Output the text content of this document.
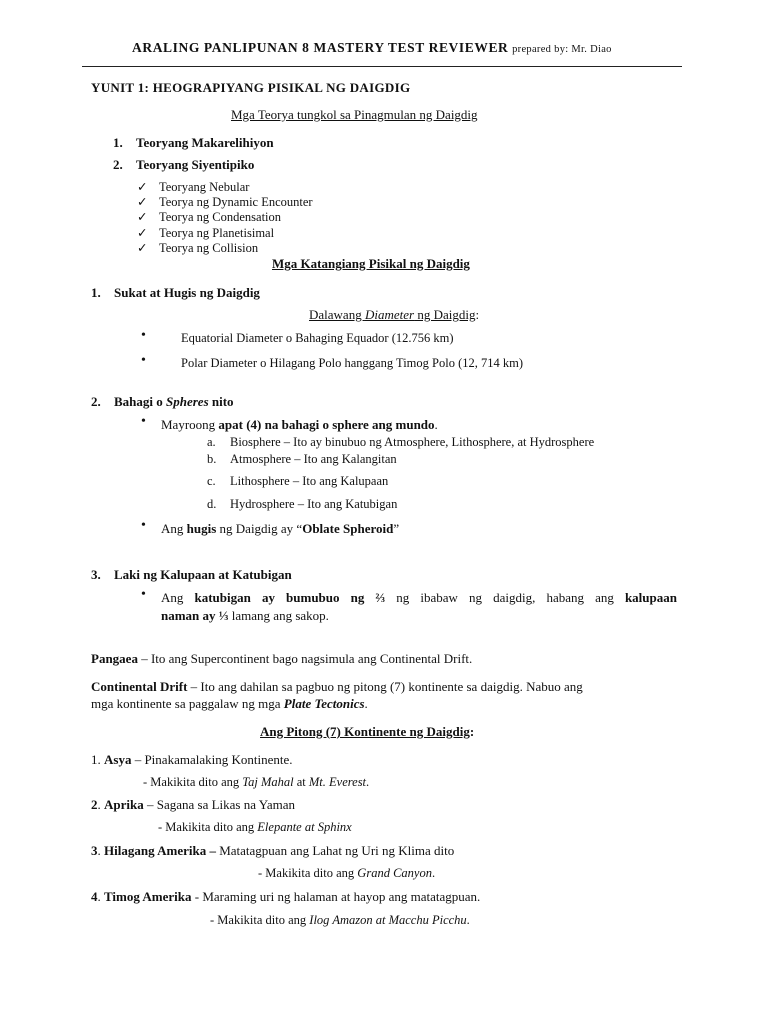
ARALING PANLIPUNAN 8 MASTERY TEST REVIEWER prepared by: Mr. Diao
YUNIT 1: HEOGRAPIYANG PISIKAL NG DAIGDIG
Mga Teorya tungkol sa Pinagmulan ng Daigdig
1. Teoryang Makarelihiyon
2. Teoryang Siyentipiko
✓ Teoryang Nebular
✓ Teorya ng Dynamic Encounter
✓ Teorya ng Condensation
✓ Teorya ng Planetisimal
✓ Teorya ng Collision
Mga Katangiang Pisikal ng Daigdig
1. Sukat at Hugis ng Daigdig
Dalawang Diameter ng Daigdig:
•	Equatorial Diameter o Bahaging Equador (12.756 km)
•	Polar Diameter o Hilagang Polo hanggang Timog Polo (12, 714 km)
2. Bahagi o Spheres nito
• Mayroong apat (4) na bahagi o sphere ang mundo.
a. Biosphere – Ito ay binubuo ng Atmosphere, Lithosphere, at Hydrosphere
b. Atmosphere – Ito ang Kalangitan
c. Lithosphere – Ito ang Kalupaan
d. Hydrosphere – Ito ang Katubigan
• Ang hugis ng Daigdig ay “Oblate Spheroid”
3. Laki ng Kalupaan at Katubigan
• Ang katubigan ay bumubuo ng ⅔ ng ibabaw ng daigdig, habang ang kalupaan
naman ay ⅓ lamang ang sakop.
Pangaea – Ito ang Supercontinent bago nagsimula ang Continental Drift.
Continental Drift – Ito ang dahilan sa pagbuo ng pitong (7) kontinente sa daigdig. Nabuo ang
mga kontinente sa paggalaw ng mga Plate Tectonics.
Ang Pitong (7) Kontinente ng Daigdig:
1. Asya – Pinakamalaking Kontinente.
- Makikita dito ang Taj Mahal at Mt. Everest.
2. Aprika – Sagana sa Likas na Yaman
- Makikita dito ang Elepante at Sphinx
3. Hilagang Amerika – Matatagpuan ang Lahat ng Uri ng Klima dito
- Makikita dito ang Grand Canyon.
4. Timog Amerika - Maraming uri ng halaman at hayop ang matatagpuan.
- Makikita dito ang Ilog Amazon at Macchu Picchu.
